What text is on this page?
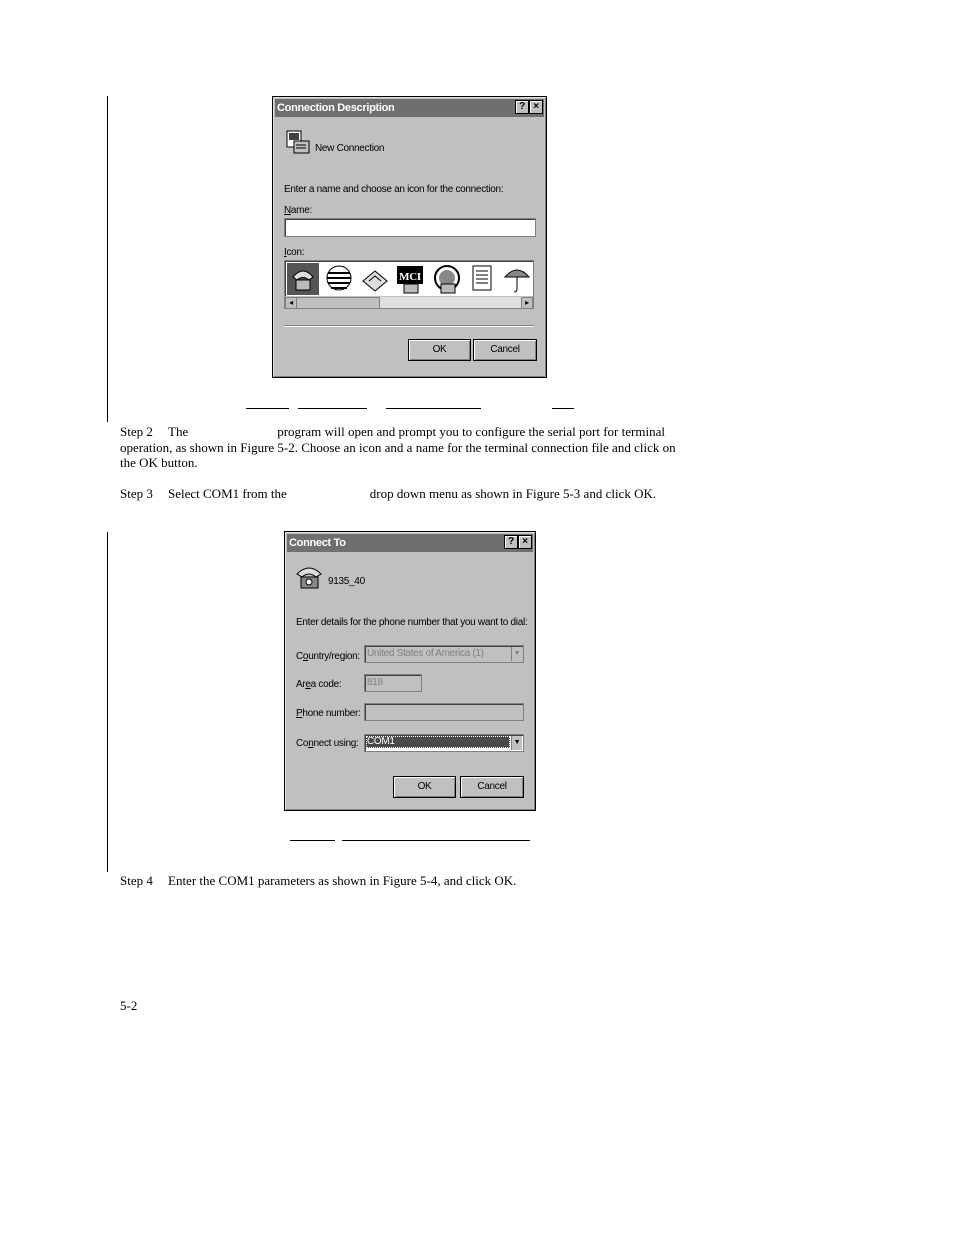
Connection Description	? ×
New Connection
Enter a name and choose an icon for the connection:
Name:
Icon:
MCI
◂	▸
OK	Cancel
Step 2 The	program will open and prompt you to configure the serial port for terminal
operation, as shown in Figure 5-2. Choose an icon and a name for the terminal connection file and click on
the OK button.
Step 3 Select COM1 from the	drop down menu as shown in Figure 5-3 and click OK.
Connect To	? ×
9135_40
Enter details for the phone number that you want to dial:
Country/region: United States of America (1)	▼
Area code:	818
Phone number:
Connect using: COM1	▼
OK	Cancel
Step 4 Enter the COM1 parameters as shown in Figure 5-4, and click OK.
5-2
